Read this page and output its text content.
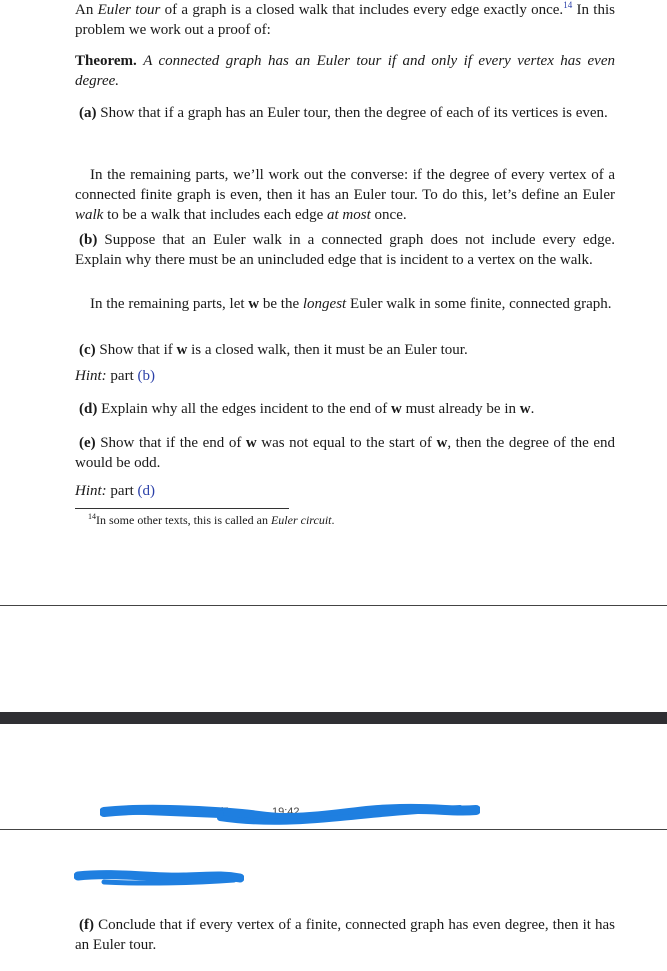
An Euler tour of a graph is a closed walk that includes every edge exactly once.$^{14}$ In this problem we work out a proof of:

Theorem. A connected graph has an Euler tour if and only if every vertex has even degree.

(a) Show that if a graph has an Euler tour, then the degree of each of its vertices is even.

In the remaining parts, we’ll work out the converse: if the degree of every vertex of a connected finite graph is even, then it has an Euler tour. To do this, let’s define an Euler walk to be a walk that includes each edge at most once.

(b) Suppose that an Euler walk in a connected graph does not include every edge. Explain why there must be an unincluded edge that is incident to a vertex on the walk.

In the remaining parts, let w be the longest Euler walk in some finite, connected graph.

(c) Show that if w is a closed walk, then it must be an Euler tour.

Hint: part (b)

(d) Explain why all the edges incident to the end of w must already be in w.

(e) Show that if the end of w was not equal to the start of w, then the degree of the end would be odd.

Hint: part (d)
$^{14}$In some other texts, this is called an Euler circuit.
2017/6/5	19:42

(f) Conclude that if every vertex of a finite, connected graph has even degree, then it has an Euler tour.
